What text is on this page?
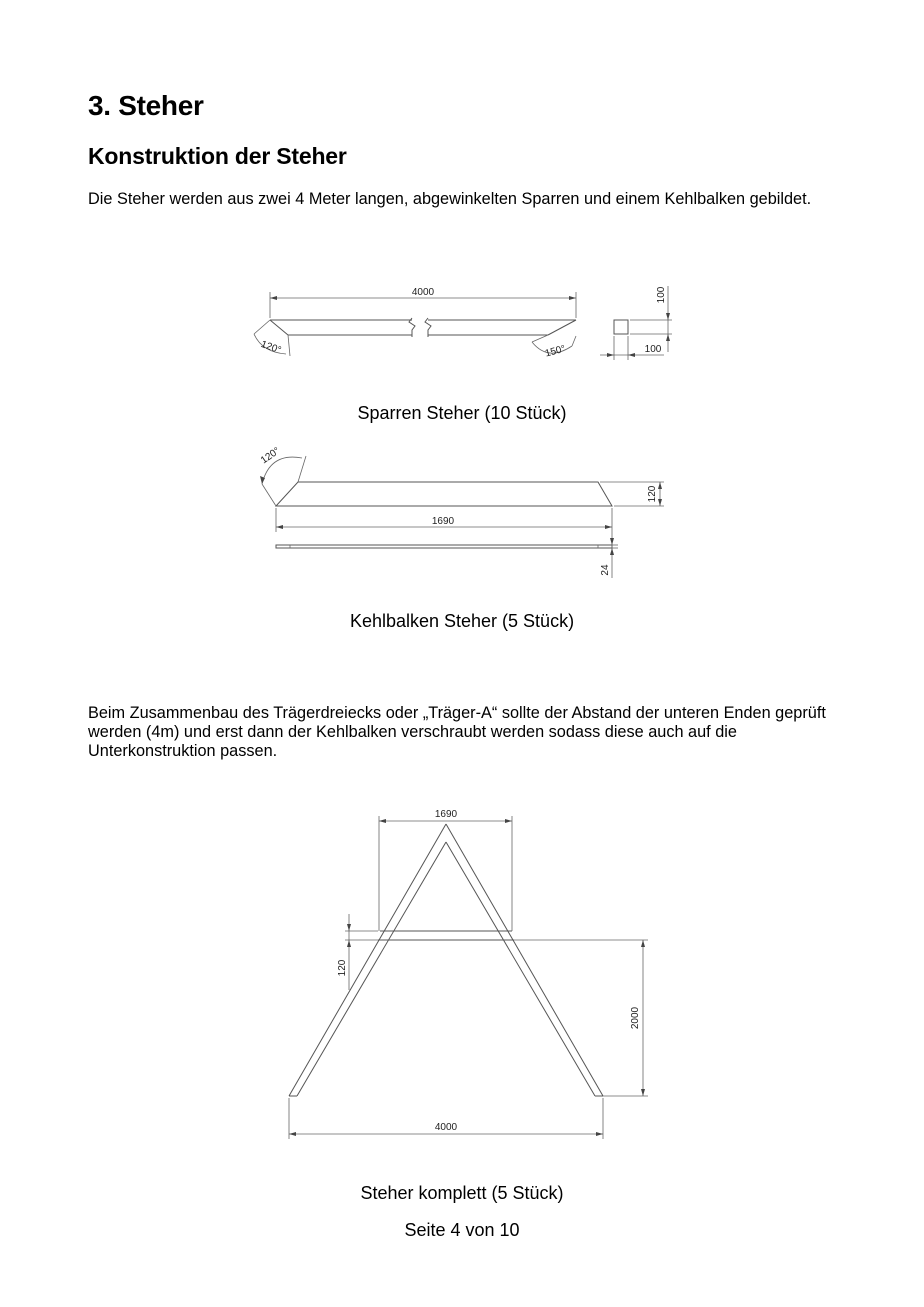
3. Steher
Konstruktion der Steher

Die Steher werden aus zwei 4 Meter langen, abgewinkelten Sparren und einem Kehlbalken gebildet.

4000
120°	150°
100
100

Sparren Steher (10 Stück)

120°
120
1690
24

Kehlbalken Steher (5 Stück)

Beim Zusammenbau des Trägerdreiecks oder „Träger-A“ sollte der Abstand der unteren Enden geprüft werden (4m) und erst dann der Kehlbalken verschraubt werden sodass diese auch auf die Unterkonstruktion passen.

1690
120
2000
4000

Steher komplett (5 Stück)

Seite 4 von 10
